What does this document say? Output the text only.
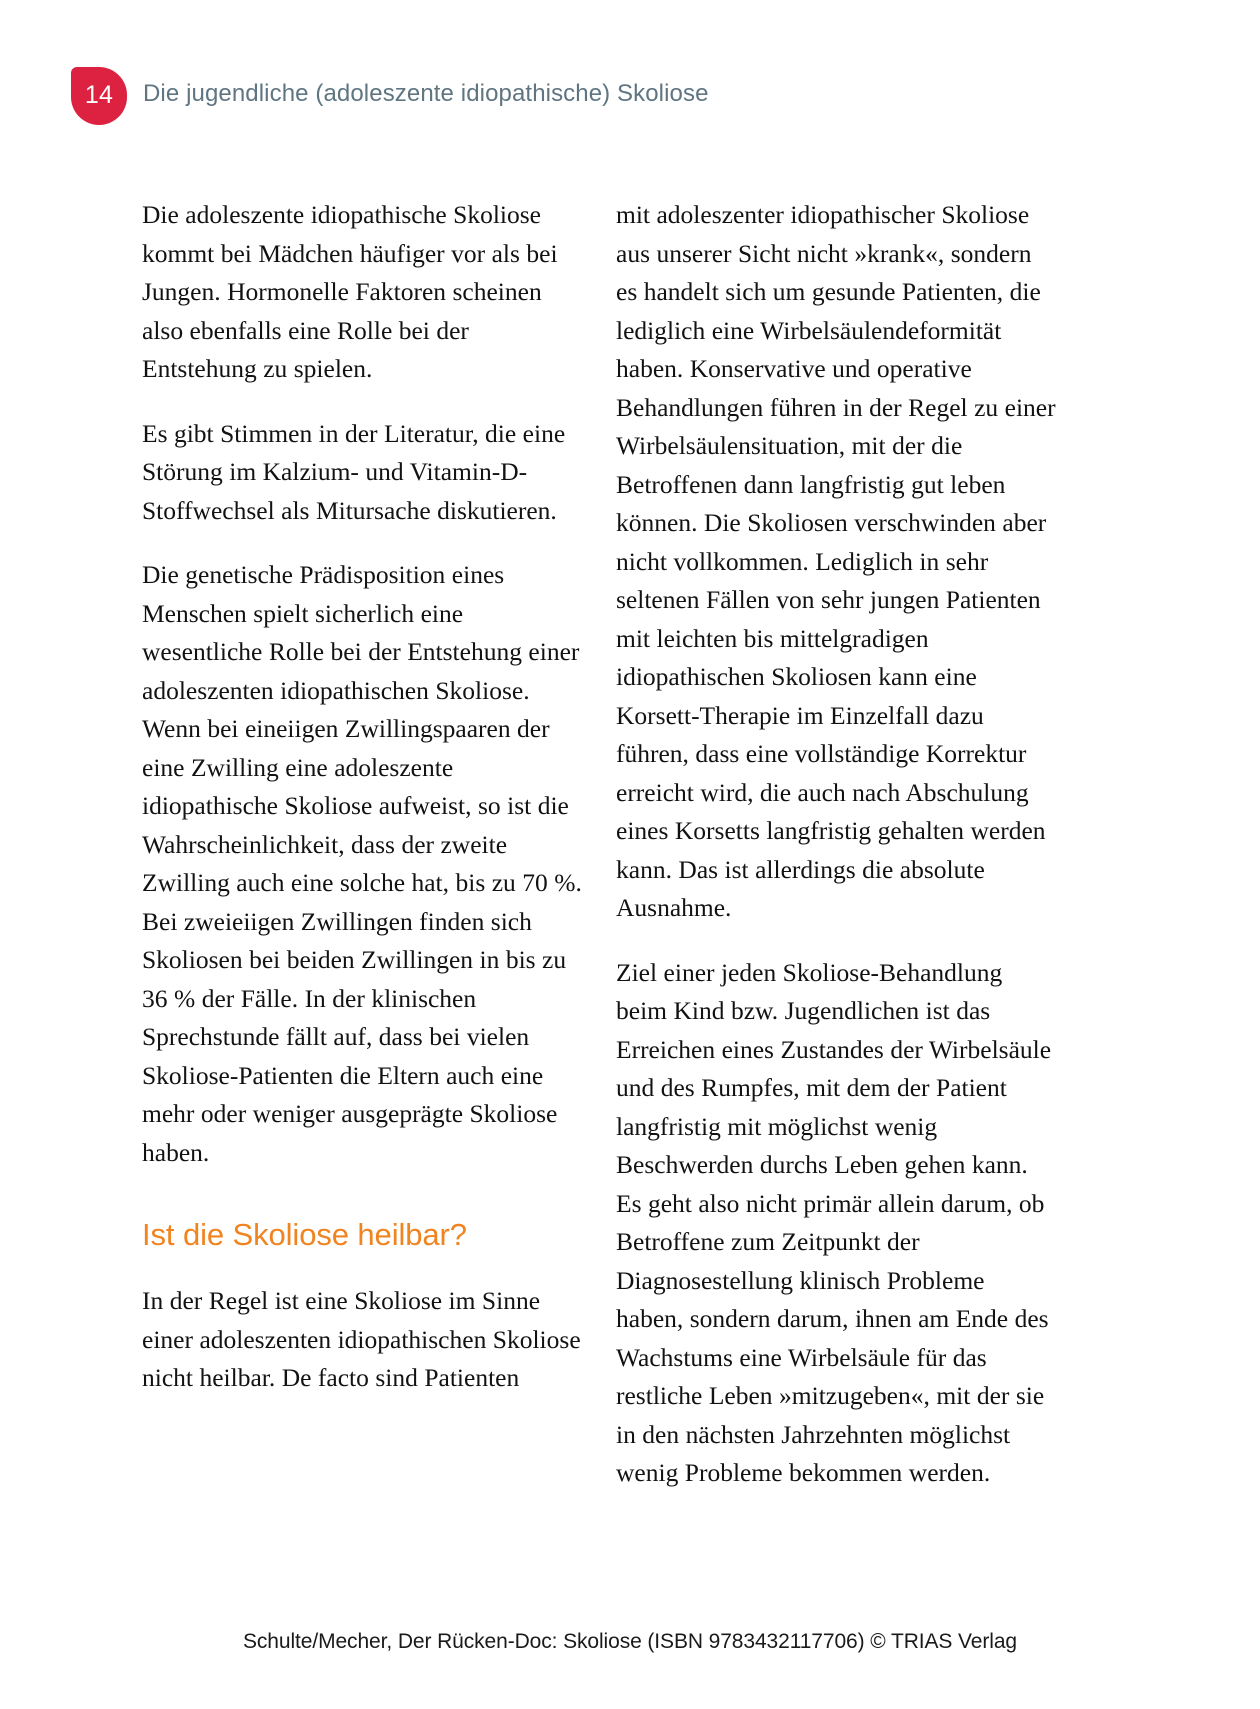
14 Die jugendliche (adoleszente idiopathische) Skoliose

Die adoleszente idiopathische Skoliose kommt bei Mädchen häufiger vor als bei Jungen. Hormonelle Faktoren scheinen also ebenfalls eine Rolle bei der Entstehung zu spielen.

Es gibt Stimmen in der Literatur, die eine Störung im Kalzium- und Vitamin-D-Stoffwechsel als Mitursache diskutieren.

Die genetische Prädisposition eines Menschen spielt sicherlich eine wesentliche Rolle bei der Entstehung einer adoleszenten idiopathischen Skoliose. Wenn bei eineiigen Zwillingspaaren der eine Zwilling eine adoleszente idiopathische Skoliose aufweist, so ist die Wahrscheinlichkeit, dass der zweite Zwilling auch eine solche hat, bis zu 70 %. Bei zweieiigen Zwillingen finden sich Skoliosen bei beiden Zwillingen in bis zu 36 % der Fälle. In der klinischen Sprechstunde fällt auf, dass bei vielen Skoliose-Patienten die Eltern auch eine mehr oder weniger ausgeprägte Skoliose haben.

Ist die Skoliose heilbar?

In der Regel ist eine Skoliose im Sinne einer adoleszenten idiopathischen Skoliose nicht heilbar. De facto sind Patienten

mit adoleszenter idiopathischer Skoliose aus unserer Sicht nicht »krank«, sondern es handelt sich um gesunde Patienten, die lediglich eine Wirbelsäulendeformität haben. Konservative und operative Behandlungen führen in der Regel zu einer Wirbelsäulensituation, mit der die Betroffenen dann langfristig gut leben können. Die Skoliosen verschwinden aber nicht vollkommen. Lediglich in sehr seltenen Fällen von sehr jungen Patienten mit leichten bis mittelgradigen idiopathischen Skoliosen kann eine Korsett-Therapie im Einzelfall dazu führen, dass eine vollständige Korrektur erreicht wird, die auch nach Abschulung eines Korsetts langfristig gehalten werden kann. Das ist allerdings die absolute Ausnahme.

Ziel einer jeden Skoliose-Behandlung beim Kind bzw. Jugendlichen ist das Erreichen eines Zustandes der Wirbelsäule und des Rumpfes, mit dem der Patient langfristig mit möglichst wenig Beschwerden durchs Leben gehen kann. Es geht also nicht primär allein darum, ob Betroffene zum Zeitpunkt der Diagnosestellung klinisch Probleme haben, sondern darum, ihnen am Ende des Wachstums eine Wirbelsäule für das restliche Leben »mitzugeben«, mit der sie in den nächsten Jahrzehnten möglichst wenig Probleme bekommen werden.

Schulte/Mecher, Der Rücken-Doc: Skoliose (ISBN 9783432117706) © TRIAS Verlag
